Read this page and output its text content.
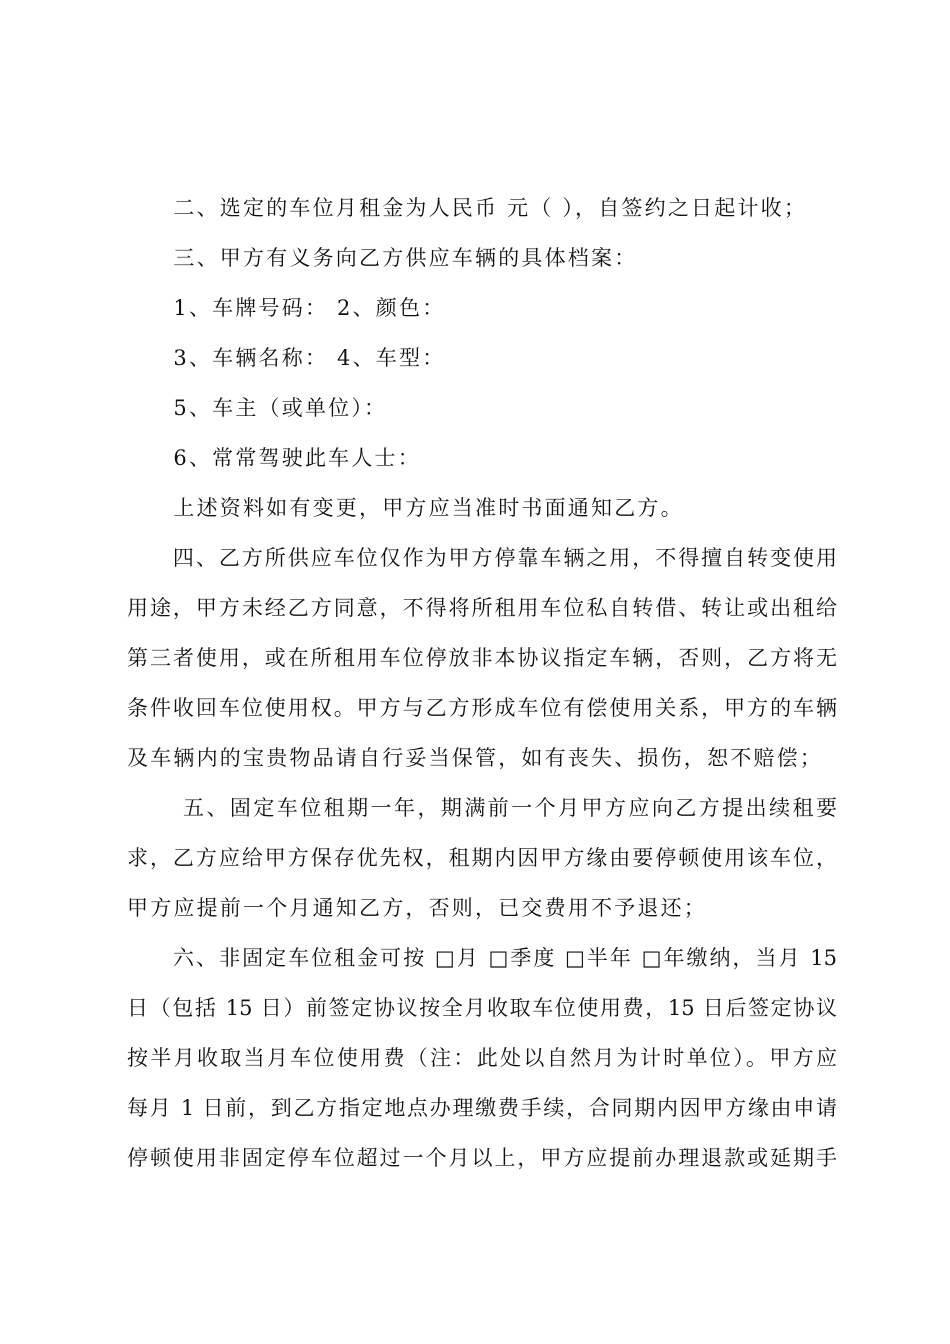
　　二、选定的车位月租金为人民币 元（ ），自签约之日起计收；
　　三、甲方有义务向乙方供应车辆的具体档案：
　　1、车牌号码： 2、颜色：
　　3、车辆名称： 4、车型：
　　5、车主（或单位）：
　　6、常常驾驶此车人士：
　　上述资料如有变更，甲方应当准时书面通知乙方。
　　四、乙方所供应车位仅作为甲方停靠车辆之用，不得擅自转变使用
用途，甲方未经乙方同意，不得将所租用车位私自转借、转让或出租给
第三者使用，或在所租用车位停放非本协议指定车辆，否则，乙方将无
条件收回车位使用权。甲方与乙方形成车位有偿使用关系，甲方的车辆
及车辆内的宝贵物品请自行妥当保管，如有丧失、损伤，恕不赔偿；
　　 五、固定车位租期一年，期满前一个月甲方应向乙方提出续租要
求，乙方应给甲方保存优先权，租期内因甲方缘由要停顿使用该车位，
甲方应提前一个月通知乙方，否则，已交费用不予退还；
　　六、非固定车位租金可按 □月 □季度 □半年 □年缴纳，当月 15
日（包括 15 日）前签定协议按全月收取车位使用费，15 日后签定协议
按半月收取当月车位使用费（注：此处以自然月为计时单位）。甲方应
每月 1 日前，到乙方指定地点办理缴费手续，合同期内因甲方缘由申请
停顿使用非固定停车位超过一个月以上，甲方应提前办理退款或延期手
